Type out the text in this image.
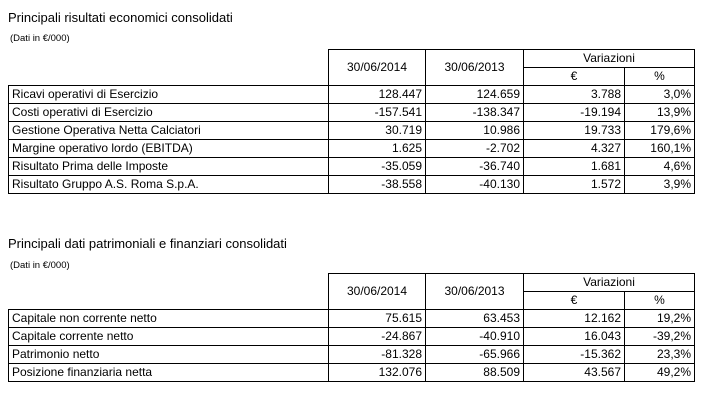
Principali risultati economici consolidati
(Dati in €/000)
	30/06/2014	30/06/2013	Variazioni	
			€	%
Ricavi operativi di Esercizio	128.447	124.659	3.788	3,0%
Costi operativi di Esercizio	-157.541	-138.347	-19.194	13,9%
Gestione Operativa Netta Calciatori	30.719	10.986	19.733	179,6%
Margine operativo lordo (EBITDA)	1.625	-2.702	4.327	160,1%
Risultato Prima delle Imposte	-35.059	-36.740	1.681	4,6%
Risultato Gruppo A.S. Roma S.p.A.	-38.558	-40.130	1.572	3,9%
Principali dati patrimoniali e finanziari consolidati
(Dati in €/000)
	30/06/2014	30/06/2013	Variazioni	
			€	%
Capitale non corrente netto	75.615	63.453	12.162	19,2%
Capitale corrente netto	-24.867	-40.910	16.043	-39,2%
Patrimonio netto	-81.328	-65.966	-15.362	23,3%
Posizione finanziaria netta	132.076	88.509	43.567	49,2%
